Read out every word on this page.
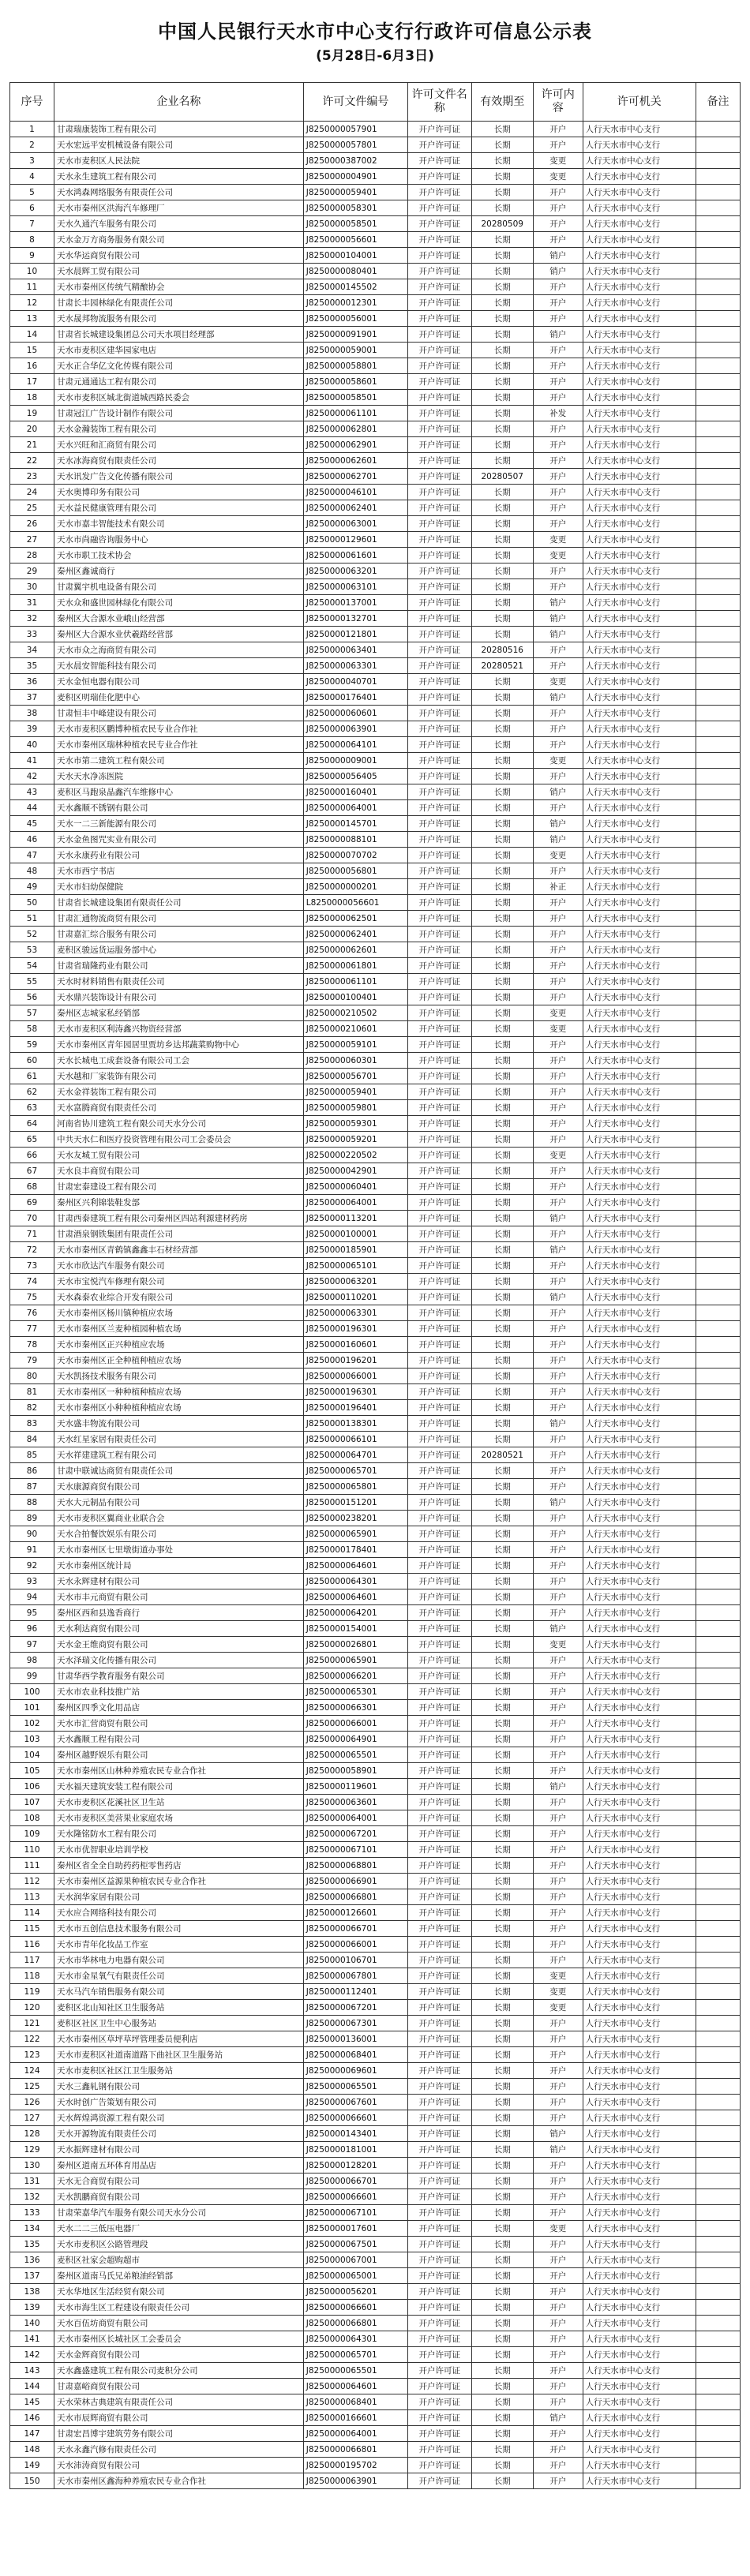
中国人民银行天水市中心支行行政许可信息公示表
(5月28日-6月3日)
序号	企业名称	许可文件编号	许可文件名称	有效期至	许可内容	许可机关	备注
1	甘肃瑞康装饰工程有限公司	J8250000057901	开户许可证	长期	开户	人行天水市中心支行	
2	天水宏远平安机械设备有限公司	J8250000057801	开户许可证	长期	开户	人行天水市中心支行	
3	天水市麦积区人民法院	J8250000387002	开户许可证	长期	变更	人行天水市中心支行	
4	天水永生建筑工程有限公司	J8250000004901	开户许可证	长期	变更	人行天水市中心支行	
5	天水鸿森网络服务有限责任公司	J8250000059401	开户许可证	长期	开户	人行天水市中心支行	
6	天水市秦州区洪海汽车修理厂	J8250000058301	开户许可证	长期	开户	人行天水市中心支行	
7	天水久通汽车服务有限公司	J8250000058501	开户许可证	20280509	开户	人行天水市中心支行	
8	天水金万方商务服务有限公司	J8250000056601	开户许可证	长期	开户	人行天水市中心支行	
9	天水华运商贸有限公司	J8250000104001	开户许可证	长期	销户	人行天水市中心支行	
10	天水晨辉工贸有限公司	J8250000080401	开户许可证	长期	销户	人行天水市中心支行	
11	天水市秦州区传统气精酿协会	J8250000145502	开户许可证	长期	开户	人行天水市中心支行	
12	甘肃长丰园林绿化有限责任公司	J8250000012301	开户许可证	长期	开户	人行天水市中心支行	
13	天水晟邦物流服务有限公司	J8250000056001	开户许可证	长期	开户	人行天水市中心支行	
14	甘肃省长城建设集团总公司天水项目经理部	J8250000091901	开户许可证	长期	销户	人行天水市中心支行	
15	天水市麦积区建华园家电店	J8250000059001	开户许可证	长期	开户	人行天水市中心支行	
16	天水正合华亿文化传媒有限公司	J8250000058801	开户许可证	长期	开户	人行天水市中心支行	
17	甘肃元通通达工程有限公司	J8250000058601	开户许可证	长期	开户	人行天水市中心支行	
18	天水市麦积区城北街道城西路民委会	J8250000058501	开户许可证	长期	开户	人行天水市中心支行	
19	甘肃冠江广告设计制作有限公司	J8250000061101	开户许可证	长期	补发	人行天水市中心支行	
20	天水金瀚装饰工程有限公司	J8250000062801	开户许可证	长期	开户	人行天水市中心支行	
21	天水兴旺和汇商贸有限公司	J8250000062901	开户许可证	长期	开户	人行天水市中心支行	
22	天水冰海商贸有限责任公司	J8250000062601	开户许可证	长期	开户	人行天水市中心支行	
23	天水讯发广告文化传播有限公司	J8250000062701	开户许可证	20280507	开户	人行天水市中心支行	
24	天水奥博印务有限公司	J8250000046101	开户许可证	长期	开户	人行天水市中心支行	
25	天水益民健康管理有限公司	J8250000062401	开户许可证	长期	开户	人行天水市中心支行	
26	天水市嘉丰智能技术有限公司	J8250000063001	开户许可证	长期	开户	人行天水市中心支行	
27	天水市尚融咨询服务中心	J8250000129601	开户许可证	长期	变更	人行天水市中心支行	
28	天水市职工技术协会	J8250000061601	开户许可证	长期	变更	人行天水市中心支行	
29	秦州区鑫诚商行	J8250000063201	开户许可证	长期	开户	人行天水市中心支行	
30	甘肃翼宇机电设备有限公司	J8250000063101	开户许可证	长期	开户	人行天水市中心支行	
31	天水众和盛世园林绿化有限公司	J8250000137001	开户许可证	长期	销户	人行天水市中心支行	
32	秦州区大合源水业峨山经营部	J8250000132701	开户许可证	长期	销户	人行天水市中心支行	
33	秦州区大合源水业伏羲路经营部	J8250000121801	开户许可证	长期	销户	人行天水市中心支行	
34	天水市众之海商贸有限公司	J8250000063401	开户许可证	20280516	开户	人行天水市中心支行	
35	天水晨安智能科技有限公司	J8250000063301	开户许可证	20280521	开户	人行天水市中心支行	
36	天水金恒电器有限公司	J8250000040701	开户许可证	长期	变更	人行天水市中心支行	
37	麦积区明瑞佳化肥中心	J8250000176401	开户许可证	长期	销户	人行天水市中心支行	
38	甘肃恒丰中峰建设有限公司	J8250000060601	开户许可证	长期	开户	人行天水市中心支行	
39	天水市麦积区鹏博种植农民专业合作社	J8250000063901	开户许可证	长期	开户	人行天水市中心支行	
40	天水市秦州区瑞林种植农民专业合作社	J8250000064101	开户许可证	长期	开户	人行天水市中心支行	
41	天水市第二建筑工程有限公司	J8250000009001	开户许可证	长期	变更	人行天水市中心支行	
42	天水天水净冻医院	J8250000056405	开户许可证	长期	开户	人行天水市中心支行	
43	麦积区马跑泉晶鑫汽车维修中心	J8250000160401	开户许可证	长期	销户	人行天水市中心支行	
44	天水鑫顺不锈钢有限公司	J8250000064001	开户许可证	长期	开户	人行天水市中心支行	
45	天水一二三新能源有限公司	J8250000145701	开户许可证	长期	销户	人行天水市中心支行	
46	天水金鱼图咒实业有限公司	J8250000088101	开户许可证	长期	销户	人行天水市中心支行	
47	天水永康药业有限公司	J8250000070702	开户许可证	长期	变更	人行天水市中心支行	
48	天水市西宁书店	J8250000056801	开户许可证	长期	开户	人行天水市中心支行	
49	天水市妇幼保健院	J8250000000201	开户许可证	长期	补正	人行天水市中心支行	
50	甘肃省长城建设集团有限责任公司	L8250000056601	开户许可证	长期	开户	人行天水市中心支行	
51	甘肃汇通物流商贸有限公司	J8250000062501	开户许可证	长期	开户	人行天水市中心支行	
52	甘肃嘉汇综合服务有限公司	J8250000062401	开户许可证	长期	开户	人行天水市中心支行	
53	麦积区骏远货运服务部中心	J8250000062601	开户许可证	长期	开户	人行天水市中心支行	
54	甘肃省瑞隆药业有限公司	J8250000061801	开户许可证	长期	开户	人行天水市中心支行	
55	天水时材料销售有限责任公司	J8250000061101	开户许可证	长期	开户	人行天水市中心支行	
56	天水鼎兴装饰设计有限公司	J8250000100401	开户许可证	长期	开户	人行天水市中心支行	
57	秦州区志城家私经销部	J8250000210502	开户许可证	长期	变更	人行天水市中心支行	
58	天水市麦积区利涛鑫兴物资经营部	J8250000210601	开户许可证	长期	变更	人行天水市中心支行	
59	天水市秦州区青年园居里贾坊乡达邦蔬菜购物中心	J8250000059101	开户许可证	长期	开户	人行天水市中心支行	
60	天水长城电工成套设备有限公司工会	J8250000060301	开户许可证	长期	开户	人行天水市中心支行	
61	天水越和厂家装饰有限公司	J8250000056701	开户许可证	长期	开户	人行天水市中心支行	
62	天水金祥装饰工程有限公司	J8250000059401	开户许可证	长期	开户	人行天水市中心支行	
63	天水富腾商贸有限责任公司	J8250000059801	开户许可证	长期	开户	人行天水市中心支行	
64	河南省协川建筑工程有限公司天水分公司	J8250000059301	开户许可证	长期	开户	人行天水市中心支行	
65	中共天水仁和医疗投资管理有限公司工会委员会	J8250000059201	开户许可证	长期	开户	人行天水市中心支行	
66	天水友城工贸有限公司	J8250000220502	开户许可证	长期	变更	人行天水市中心支行	
67	天水良丰商贸有限公司	J8250000042901	开户许可证	长期	开户	人行天水市中心支行	
68	甘肃宏泰建设工程有限公司	J8250000060401	开户许可证	长期	开户	人行天水市中心支行	
69	秦州区兴利锦装鞋发部	J8250000064001	开户许可证	长期	开户	人行天水市中心支行	
70	甘肃西泰建筑工程有限公司秦州区四站利源建材药房	J8250000113201	开户许可证	长期	销户	人行天水市中心支行	
71	甘肃酒泉钢铁集团有限责任公司	J8250000100001	开户许可证	长期	开户	人行天水市中心支行	
72	天水市秦州区青鹤镇鑫鑫丰石材经营部	J8250000185901	开户许可证	长期	销户	人行天水市中心支行	
73	天水市欣达汽车服务有限公司	J8250000065101	开户许可证	长期	开户	人行天水市中心支行	
74	天水市宝悦汽车修理有限公司	J8250000063201	开户许可证	长期	开户	人行天水市中心支行	
75	天水森泰农业综合开发有限公司	J8250000110201	开户许可证	长期	销户	人行天水市中心支行	
76	天水市秦州区杨川镇种植应农场	J8250000063301	开户许可证	长期	开户	人行天水市中心支行	
77	天水市秦州区兰麦种植园种植农场	J8250000196301	开户许可证	长期	开户	人行天水市中心支行	
78	天水市秦州区正兴种植应农场	J8250000160601	开户许可证	长期	开户	人行天水市中心支行	
79	天水市秦州区正全种植种植应农场	J8250000196201	开户许可证	长期	开户	人行天水市中心支行	
80	天水凯扬技术服务有限公司	J8250000066001	开户许可证	长期	开户	人行天水市中心支行	
81	天水市秦州区一种种植种植应农场	J8250000196301	开户许可证	长期	开户	人行天水市中心支行	
82	天水市秦州区小种种植种植应农场	J8250000196401	开户许可证	长期	开户	人行天水市中心支行	
83	天水盛丰物流有限公司	J8250000138301	开户许可证	长期	销户	人行天水市中心支行	
84	天水红星家居有限责任公司	J8250000066101	开户许可证	长期	开户	人行天水市中心支行	
85	天水祥建建筑工程有限公司	J8250000064701	开户许可证	20280521	开户	人行天水市中心支行	
86	甘肃中联诚达商贸有限责任公司	J8250000065701	开户许可证	长期	开户	人行天水市中心支行	
87	天水康源商贸有限公司	J8250000065801	开户许可证	长期	开户	人行天水市中心支行	
88	天水大元制品有限公司	J8250000151201	开户许可证	长期	销户	人行天水市中心支行	
89	天水市麦积区翼商业业联合会	J8250000238201	开户许可证	长期	开户	人行天水市中心支行	
90	天水合拍餐饮娱乐有限公司	J8250000065901	开户许可证	长期	开户	人行天水市中心支行	
91	天水市秦州区七里墩街道办事处	J8250000178401	开户许可证	长期	开户	人行天水市中心支行	
92	天水市秦州区统计局	J8250000064601	开户许可证	长期	开户	人行天水市中心支行	
93	天水永辉建材有限公司	J8250000064301	开户许可证	长期	开户	人行天水市中心支行	
94	天水市丰元商贸有限公司	J8250000064601	开户许可证	长期	开户	人行天水市中心支行	
95	秦州区西和县逸香商行	J8250000064201	开户许可证	长期	开户	人行天水市中心支行	
96	天水利达商贸有限公司	J8250000154001	开户许可证	长期	销户	人行天水市中心支行	
97	天水金王维商贸有限公司	J8250000026801	开户许可证	长期	变更	人行天水市中心支行	
98	天水泽瑞文化传播有限公司	J8250000065901	开户许可证	长期	开户	人行天水市中心支行	
99	甘肃华西学教育服务有限公司	J8250000066201	开户许可证	长期	开户	人行天水市中心支行	
100	天水市农业科技推广站	J8250000065301	开户许可证	长期	开户	人行天水市中心支行	
101	秦州区四季文化用品店	J8250000066301	开户许可证	长期	开户	人行天水市中心支行	
102	天水市汇营商贸有限公司	J8250000066001	开户许可证	长期	开户	人行天水市中心支行	
103	天水鑫顺工程有限公司	J8250000064901	开户许可证	长期	开户	人行天水市中心支行	
104	秦州区越野娱乐有限公司	J8250000065501	开户许可证	长期	开户	人行天水市中心支行	
105	天水市秦州区山林种养殖农民专业合作社	J8250000058901	开户许可证	长期	开户	人行天水市中心支行	
106	天水福天建筑安装工程有限公司	J8250000119601	开户许可证	长期	销户	人行天水市中心支行	
107	天水市麦积区花溪社区卫生站	J8250000063601	开户许可证	长期	开户	人行天水市中心支行	
108	天水市麦积区美营果业家庭农场	J8250000064001	开户许可证	长期	开户	人行天水市中心支行	
109	天水隆铭防水工程有限公司	J8250000067201	开户许可证	长期	开户	人行天水市中心支行	
110	天水市优智职业培训学校	J8250000067101	开户许可证	长期	开户	人行天水市中心支行	
111	秦州区省全全自助药药柜零售药店	J8250000068801	开户许可证	长期	开户	人行天水市中心支行	
112	天水市秦州区益源果种植农民专业合作社	J8250000066901	开户许可证	长期	开户	人行天水市中心支行	
113	天水润华家居有限公司	J8250000066801	开户许可证	长期	开户	人行天水市中心支行	
114	天水应合网络科技有限公司	J8250000126601	开户许可证	长期	开户	人行天水市中心支行	
115	天水市五创信息技术服务有限公司	J8250000066701	开户许可证	长期	开户	人行天水市中心支行	
116	天水市青年化妆品工作室	J8250000066001	开户许可证	长期	开户	人行天水市中心支行	
117	天水市华林电力电器有限公司	J8250000106701	开户许可证	长期	开户	人行天水市中心支行	
118	天水市金星氧气有限责任公司	J8250000067801	开户许可证	长期	变更	人行天水市中心支行	
119	天水马汽车销售服务有限公司	J8250000112401	开户许可证	长期	变更	人行天水市中心支行	
120	麦积区北山知社区卫生服务站	J8250000067201	开户许可证	长期	变更	人行天水市中心支行	
121	麦积区社区卫生中心服务站	J8250000067301	开户许可证	长期	开户	人行天水市中心支行	
122	天水市秦州区草坪草坪管理委员便利店	J8250000136001	开户许可证	长期	开户	人行天水市中心支行	
123	天水市麦积区社道南道路下曲社区卫生服务站	J8250000068401	开户许可证	长期	开户	人行天水市中心支行	
124	天水市麦积区社区江卫生服务站	J8250000069601	开户许可证	长期	开户	人行天水市中心支行	
125	天水三鑫轧钢有限公司	J8250000065501	开户许可证	长期	开户	人行天水市中心支行	
126	天水时创广告策划有限公司	J8250000067601	开户许可证	长期	开户	人行天水市中心支行	
127	天水辉煌鸿资源工程有限公司	J8250000066601	开户许可证	长期	开户	人行天水市中心支行	
128	天水开源物流有限责任公司	J8250000143401	开户许可证	长期	销户	人行天水市中心支行	
129	天水振辉建材有限公司	J8250000181001	开户许可证	长期	销户	人行天水市中心支行	
130	秦州区道南五环体育用品店	J8250000128201	开户许可证	长期	开户	人行天水市中心支行	
131	天水无合商贸有限公司	J8250000066701	开户许可证	长期	开户	人行天水市中心支行	
132	天水凯鹏商贸有限公司	J8250000066601	开户许可证	长期	开户	人行天水市中心支行	
133	甘肃荣嘉华汽车服务有限公司天水分公司	J8250000067101	开户许可证	长期	开户	人行天水市中心支行	
134	天水二二三低压电器厂	J8250000017601	开户许可证	长期	变更	人行天水市中心支行	
135	天水市麦积区公路管理段	J8250000067501	开户许可证	长期	开户	人行天水市中心支行	
136	麦积区社家会超购超市	J8250000067001	开户许可证	长期	开户	人行天水市中心支行	
137	秦州区道南马氏兄弟粮油经销部	J8250000065001	开户许可证	长期	开户	人行天水市中心支行	
138	天水华地区生活经贸有限公司	J8250000056201	开户许可证	长期	开户	人行天水市中心支行	
139	天水市海生区工程建设有限责任公司	J8250000066601	开户许可证	长期	开户	人行天水市中心支行	
140	天水百伍坊商贸有限公司	J8250000066801	开户许可证	长期	开户	人行天水市中心支行	
141	天水市秦州区长城社区工会委员会	J8250000064301	开户许可证	长期	开户	人行天水市中心支行	
142	天水金辉商贸有限公司	J8250000065701	开户许可证	长期	开户	人行天水市中心支行	
143	天水鑫盛建筑工程有限公司麦积分公司	J8250000065501	开户许可证	长期	开户	人行天水市中心支行	
144	甘肃嘉峪商贸有限公司	J8250000064601	开户许可证	长期	开户	人行天水市中心支行	
145	天水荣林古典建筑有限责任公司	J8250000068401	开户许可证	长期	开户	人行天水市中心支行	
146	天水市辰辉商贸有限公司	J8250000166601	开户许可证	长期	销户	人行天水市中心支行	
147	甘肃宏昌博宇建筑劳务有限公司	J8250000064001	开户许可证	长期	开户	人行天水市中心支行	
148	天水永鑫汽修有限责任公司	J8250000066801	开户许可证	长期	开户	人行天水市中心支行	
149	天水沛涛商贸有限公司	J8250000195702	开户许可证	长期	开户	人行天水市中心支行	
150	天水市秦州区鑫海种养殖农民专业合作社	J8250000063901	开户许可证	长期	开户	人行天水市中心支行	
